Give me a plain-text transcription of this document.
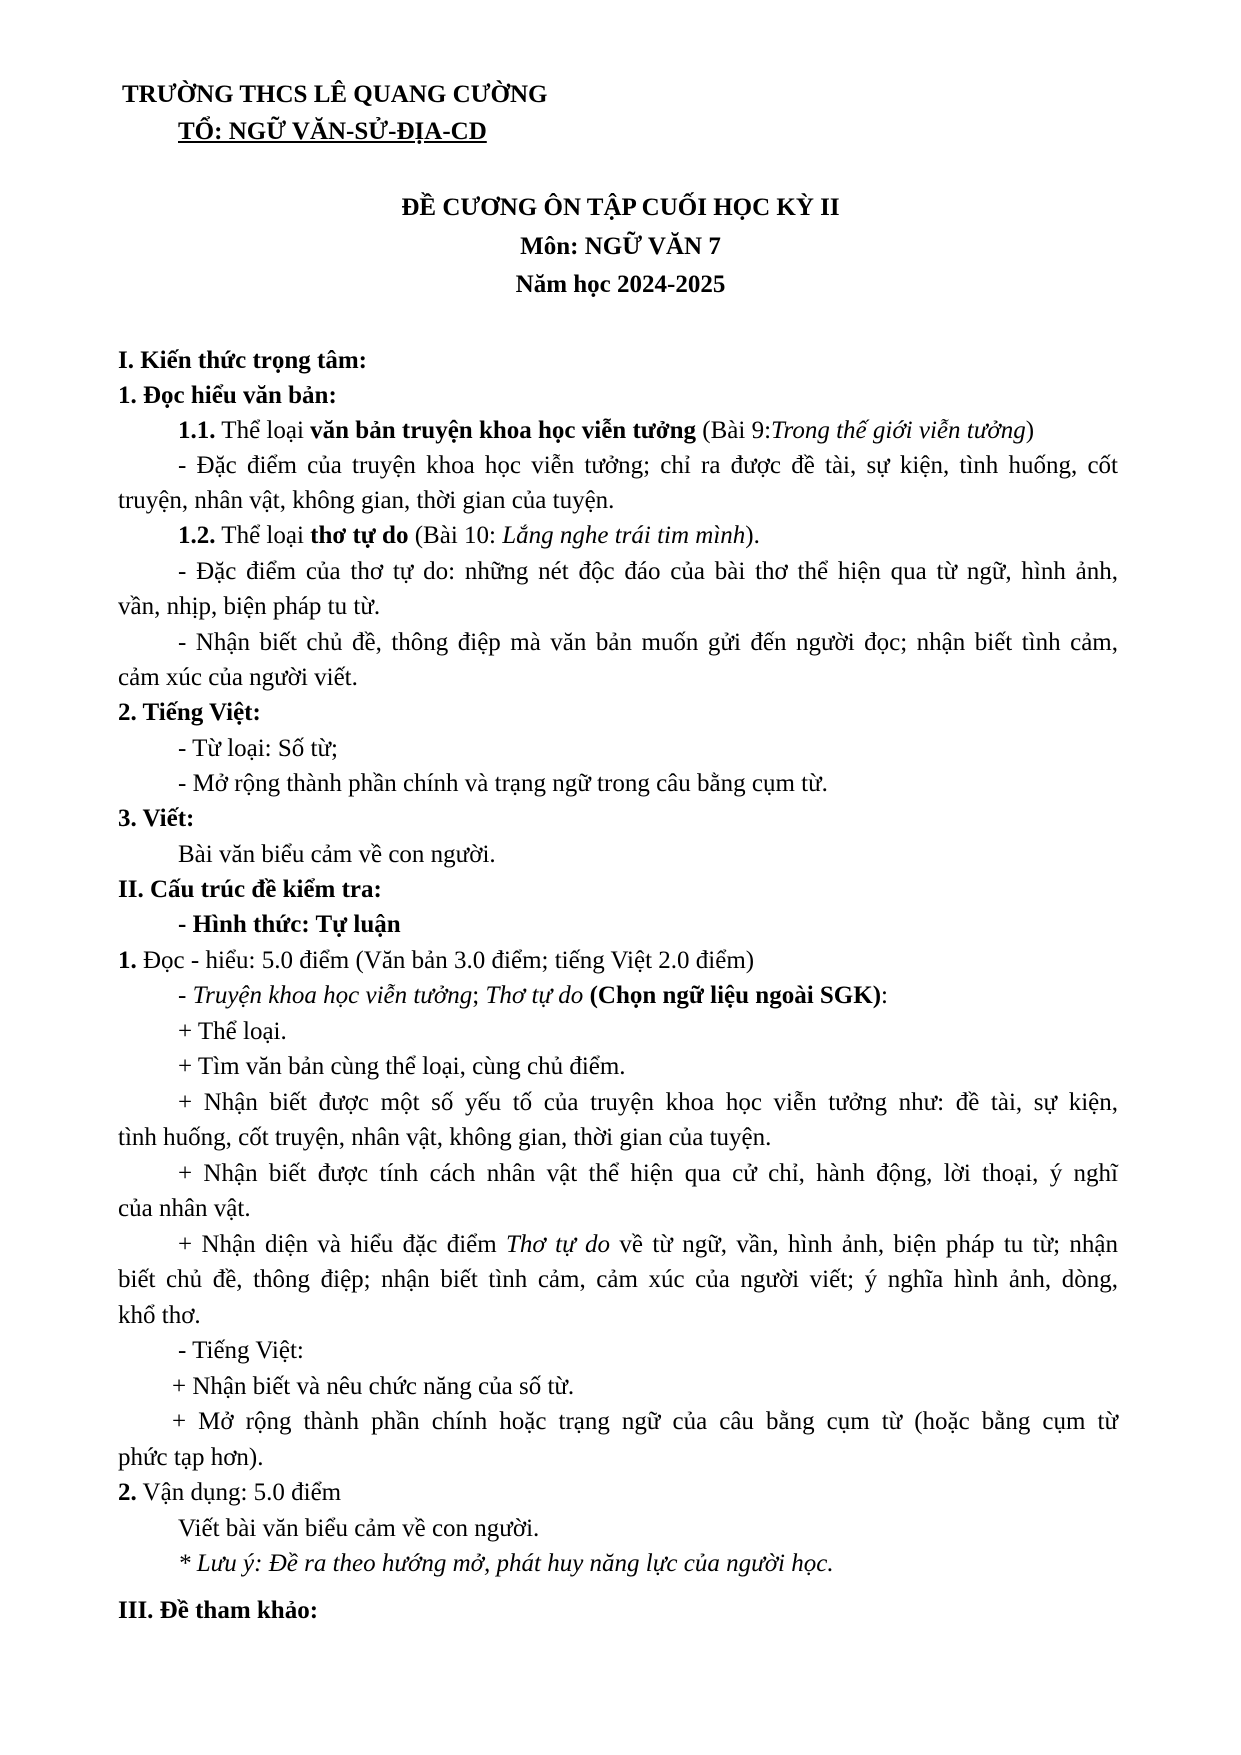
TRƯỜNG THCS LÊ QUANG CƯỜNG
TỔ: NGỮ VĂN-SỬ-ĐỊA-CD
ĐỀ CƯƠNG ÔN TẬP CUỐI HỌC KỲ II
Môn: NGỮ VĂN 7
Năm học 2024-2025
I. Kiến thức trọng tâm:
1. Đọc hiểu văn bản:
1.1. Thể loại văn bản truyện khoa học viễn tưởng (Bài 9:Trong thế giới viễn tưởng)
- Đặc điểm của truyện khoa học viễn tưởng; chỉ ra được đề tài, sự kiện, tình huống, cốt
truyện, nhân vật, không gian, thời gian của tuyện.
1.2. Thể loại thơ tự do (Bài 10: Lắng nghe trái tim mình).
- Đặc điểm của thơ tự do: những nét độc đáo của bài thơ thể hiện qua từ ngữ, hình ảnh,
vần, nhịp, biện pháp tu từ.
- Nhận biết chủ đề, thông điệp mà văn bản muốn gửi đến người đọc; nhận biết tình cảm,
cảm xúc của người viết.
2. Tiếng Việt:
- Từ loại: Số từ;
- Mở rộng thành phần chính và trạng ngữ trong câu bằng cụm từ.
3. Viết:
Bài văn biểu cảm về con người.
II. Cấu trúc đề kiểm tra:
- Hình thức: Tự luận
1. Đọc - hiểu: 5.0 điểm (Văn bản 3.0 điểm; tiếng Việt 2.0 điểm)
- Truyện khoa học viễn tưởng; Thơ tự do (Chọn ngữ liệu ngoài SGK):
+ Thể loại.
+ Tìm văn bản cùng thể loại, cùng chủ điểm.
+ Nhận biết được một số yếu tố của truyện khoa học viễn tưởng như: đề tài, sự kiện,
tình huống, cốt truyện, nhân vật, không gian, thời gian của tuyện.
+ Nhận biết được tính cách nhân vật thể hiện qua cử chỉ, hành động, lời thoại, ý nghĩ
của nhân vật.
+ Nhận diện và hiểu đặc điểm Thơ tự do về từ ngữ, vần, hình ảnh, biện pháp tu từ; nhận
biết chủ đề, thông điệp; nhận biết tình cảm, cảm xúc của người viết; ý nghĩa hình ảnh, dòng,
khổ thơ.
- Tiếng Việt:
+ Nhận biết và nêu chức năng của số từ.
+ Mở rộng thành phần chính hoặc trạng ngữ của câu bằng cụm từ (hoặc bằng cụm từ
phức tạp hơn).
2. Vận dụng: 5.0 điểm
Viết bài văn biểu cảm về con người.
* Lưu ý: Đề ra theo hướng mở, phát huy năng lực của người học.
III. Đề tham khảo:
